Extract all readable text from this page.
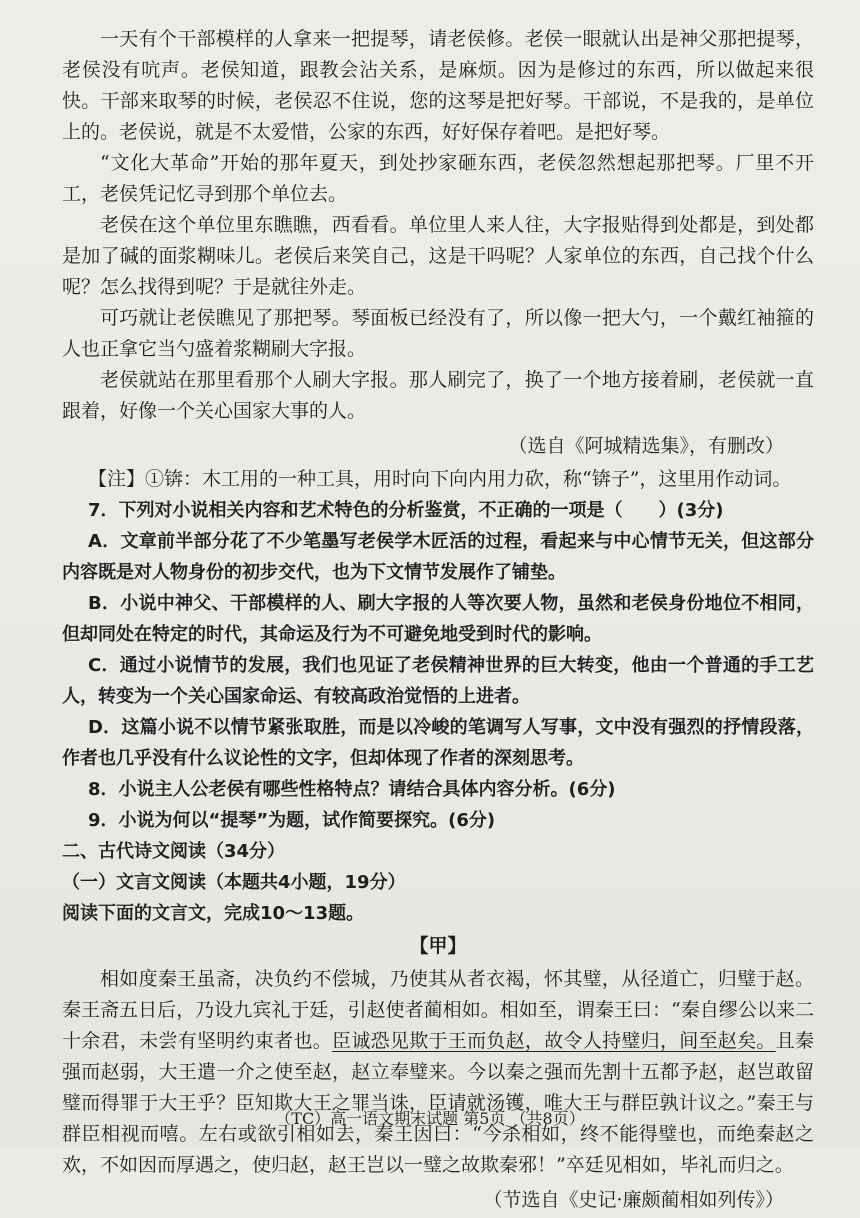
一天有个干部模样的人拿来一把提琴，请老侯修。老侯一眼就认出是神父那把提琴，老侯没有吭声。老侯知道，跟教会沾关系，是麻烦。因为是修过的东西，所以做起来很快。干部来取琴的时候，老侯忍不住说，您的这琴是把好琴。干部说，不是我的，是单位上的。老侯说，就是不太爱惜，公家的东西，好好保存着吧。是把好琴。

“文化大革命”开始的那年夏天，到处抄家砸东西，老侯忽然想起那把琴。厂里不开工，老侯凭记忆寻到那个单位去。

老侯在这个单位里东瞧瞧，西看看。单位里人来人往，大字报贴得到处都是，到处都是加了碱的面浆糊味儿。老侯后来笑自己，这是干吗呢？人家单位的东西，自己找个什么呢？怎么找得到呢？于是就往外走。

可巧就让老侯瞧见了那把琴。琴面板已经没有了，所以像一把大勺，一个戴红袖箍的人也正拿它当勺盛着浆糊刷大字报。

老侯就站在那里看那个人刷大字报。那人刷完了，换了一个地方接着刷，老侯就一直跟着，好像一个关心国家大事的人。

（选自《阿城精选集》，有删改）

【注】①锛：木工用的一种工具，用时向下向内用力砍，称“锛子”，这里用作动词。

7．下列对小说相关内容和艺术特色的分析鉴赏，不正确的一项是（　　）(3分)

A．文章前半部分花了不少笔墨写老侯学木匠活的过程，看起来与中心情节无关，但这部分内容既是对人物身份的初步交代，也为下文情节发展作了铺垫。

B．小说中神父、干部模样的人、刷大字报的人等次要人物，虽然和老侯身份地位不相同，但却同处在特定的时代，其命运及行为不可避免地受到时代的影响。

C．通过小说情节的发展，我们也见证了老侯精神世界的巨大转变，他由一个普通的手工艺人，转变为一个关心国家命运、有较高政治觉悟的上进者。

D．这篇小说不以情节紧张取胜，而是以冷峻的笔调写人写事，文中没有强烈的抒情段落，作者也几乎没有什么议论性的文字，但却体现了作者的深刻思考。

8．小说主人公老侯有哪些性格特点？请结合具体内容分析。(6分)

9．小说为何以“提琴”为题，试作简要探究。(6分)

二、古代诗文阅读（34分）

（一）文言文阅读（本题共4小题，19分）

阅读下面的文言文，完成10～13题。

【甲】

相如度秦王虽斋，决负约不偿城，乃使其从者衣褐，怀其璧，从径道亡，归璧于赵。秦王斋五日后，乃设九宾礼于廷，引赵使者蔺相如。相如至，谓秦王曰：“秦自缪公以来二十余君，未尝有坚明约束者也。臣诚恐见欺于王而负赵，故令人持璧归，间至赵矣。且秦强而赵弱，大王遣一介之使至赵，赵立奉璧来。今以秦之强而先割十五都予赵，赵岂敢留璧而得罪于大王乎？臣知欺大王之罪当诛，臣请就汤镬，唯大王与群臣孰计议之。”秦王与群臣相视而嘻。左右或欲引相如去，秦王因曰：“今杀相如，终不能得璧也，而绝秦赵之欢，不如因而厚遇之，使归赵，赵王岂以一璧之故欺秦邪！”卒廷见相如，毕礼而归之。

（节选自《史记·廉颇蔺相如列传》）

（TC）高一语文期末试题 第5页 （共8页）
